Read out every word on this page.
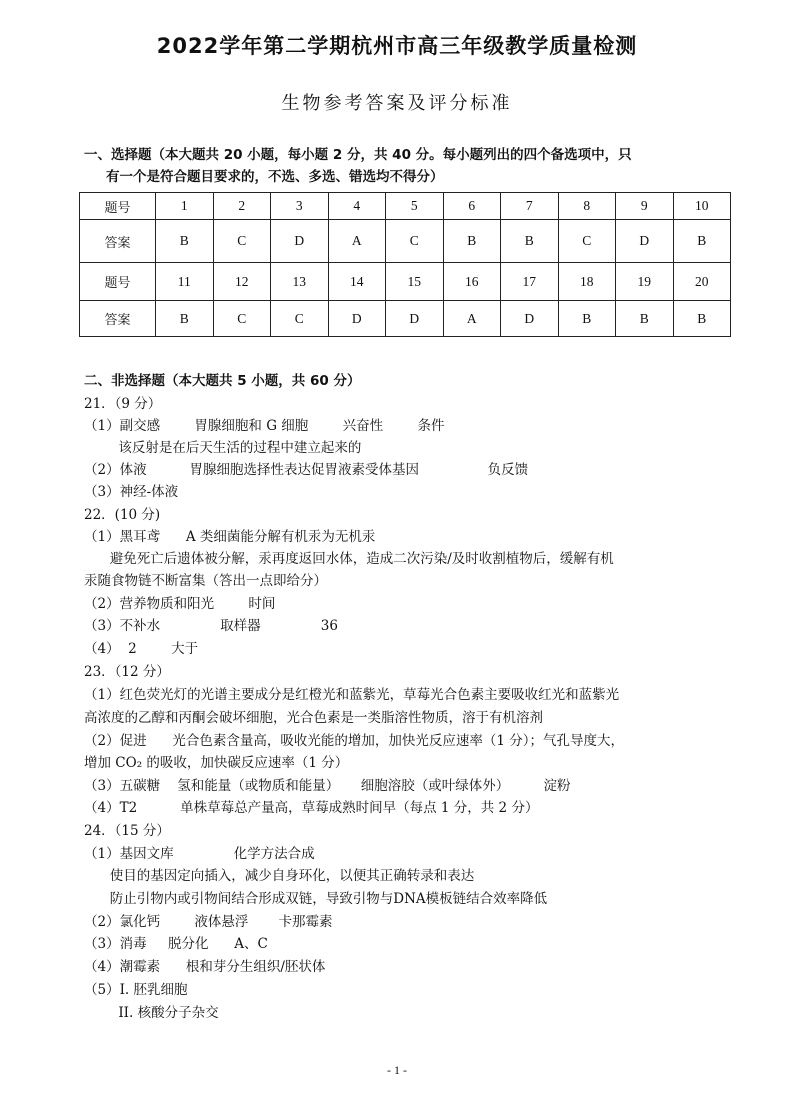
2022学年第二学期杭州市高三年级教学质量检测
生物参考答案及评分标准
一、选择题（本大题共 20 小题，每小题 2 分，共 40 分。每小题列出的四个备选项中，只
有一个是符合题目要求的，不选、多选、错选均不得分）
题号	1	2	3	4	5	6	7	8	9	10
答案	B	C	D	A	C	B	B	C	D	B
题号	11	12	13	14	15	16	17	18	19	20
答案	B	C	C	D	D	A	D	B	B	B
二、非选择题（本大题共 5 小题，共 60 分）
21．（9 分）
（1）副交感        胃腺细胞和 G 细胞        兴奋性        条件
该反射是在后天生活的过程中建立起来的
（2）体液          胃腺细胞选择性表达促胃液素受体基因                负反馈
（3）神经-体液
22．(10 分)
（1）黑耳鸢      A 类细菌能分解有机汞为无机汞
避免死亡后遗体被分解，汞再度返回水体，造成二次污染/及时收割植物后，缓解有机
汞随食物链不断富集（答出一点即给分）
（2）营养物质和阳光        时间
（3）不补水              取样器              36
（4）  2        大于
23．（12 分）
（1）红色荧光灯的光谱主要成分是红橙光和蓝紫光，草莓光合色素主要吸收红光和蓝紫光
高浓度的乙醇和丙酮会破坏细胞，光合色素是一类脂溶性物质，溶于有机溶剂
（2）促进      光合色素含量高，吸收光能的增加，加快光反应速率（1 分）；气孔导度大，
增加 CO₂ 的吸收，加快碳反应速率（1 分）
（3）五碳糖    氢和能量（或物质和能量）     细胞溶胶（或叶绿体外）        淀粉
（4）T2          单株草莓总产量高，草莓成熟时间早（每点 1 分，共 2 分）
24．（15 分）
（1）基因文库              化学方法合成
使目的基因定向插入，减少自身环化，以便其正确转录和表达
防止引物内或引物间结合形成双链，导致引物与DNA模板链结合效率降低
（2）氯化钙        液体悬浮       卡那霉素
（3）消毒     脱分化      A、C
（4）潮霉素      根和芽分生组织/胚状体
（5）I. 胚乳细胞
II. 核酸分子杂交
- 1 -
